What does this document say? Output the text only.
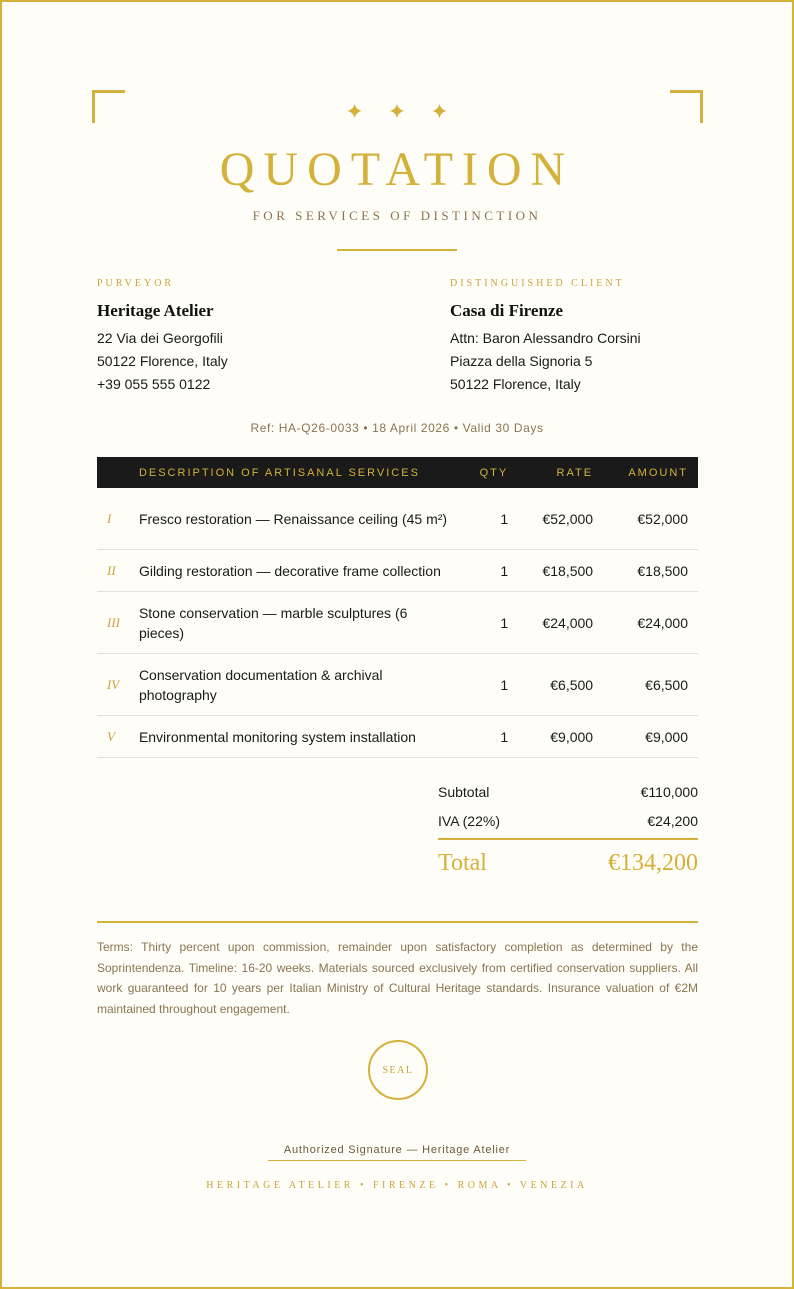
✦ ✦ ✦
QUOTATION
FOR SERVICES OF DISTINCTION
PURVEYOR
Heritage Atelier
22 Via dei Georgofili
50122 Florence, Italy
+39 055 555 0122
DISTINGUISHED CLIENT
Casa di Firenze
Attn: Baron Alessandro Corsini
Piazza della Signoria 5
50122 Florence, Italy
Ref: HA-Q26-0033 • 18 April 2026 • Valid 30 Days
	DESCRIPTION OF ARTISANAL SERVICES	QTY	RATE	AMOUNT
I	Fresco restoration — Renaissance ceiling (45 m²)	1	€52,000	€52,000
II	Gilding restoration — decorative frame collection	1	€18,500	€18,500
III	Stone conservation — marble sculptures (6 pieces)	1	€24,000	€24,000
IV	Conservation documentation & archival photography	1	€6,500	€6,500
V	Environmental monitoring system installation	1	€9,000	€9,000
Subtotal	€110,000
IVA (22%)	€24,200
Total	€134,200
Terms: Thirty percent upon commission, remainder upon satisfactory completion as determined by the Soprintendenza. Timeline: 16-20 weeks. Materials sourced exclusively from certified conservation suppliers. All work guaranteed for 10 years per Italian Ministry of Cultural Heritage standards. Insurance valuation of €2M maintained throughout engagement.
SEAL
Authorized Signature — Heritage Atelier
HERITAGE ATELIER • FIRENZE • ROMA • VENEZIA
